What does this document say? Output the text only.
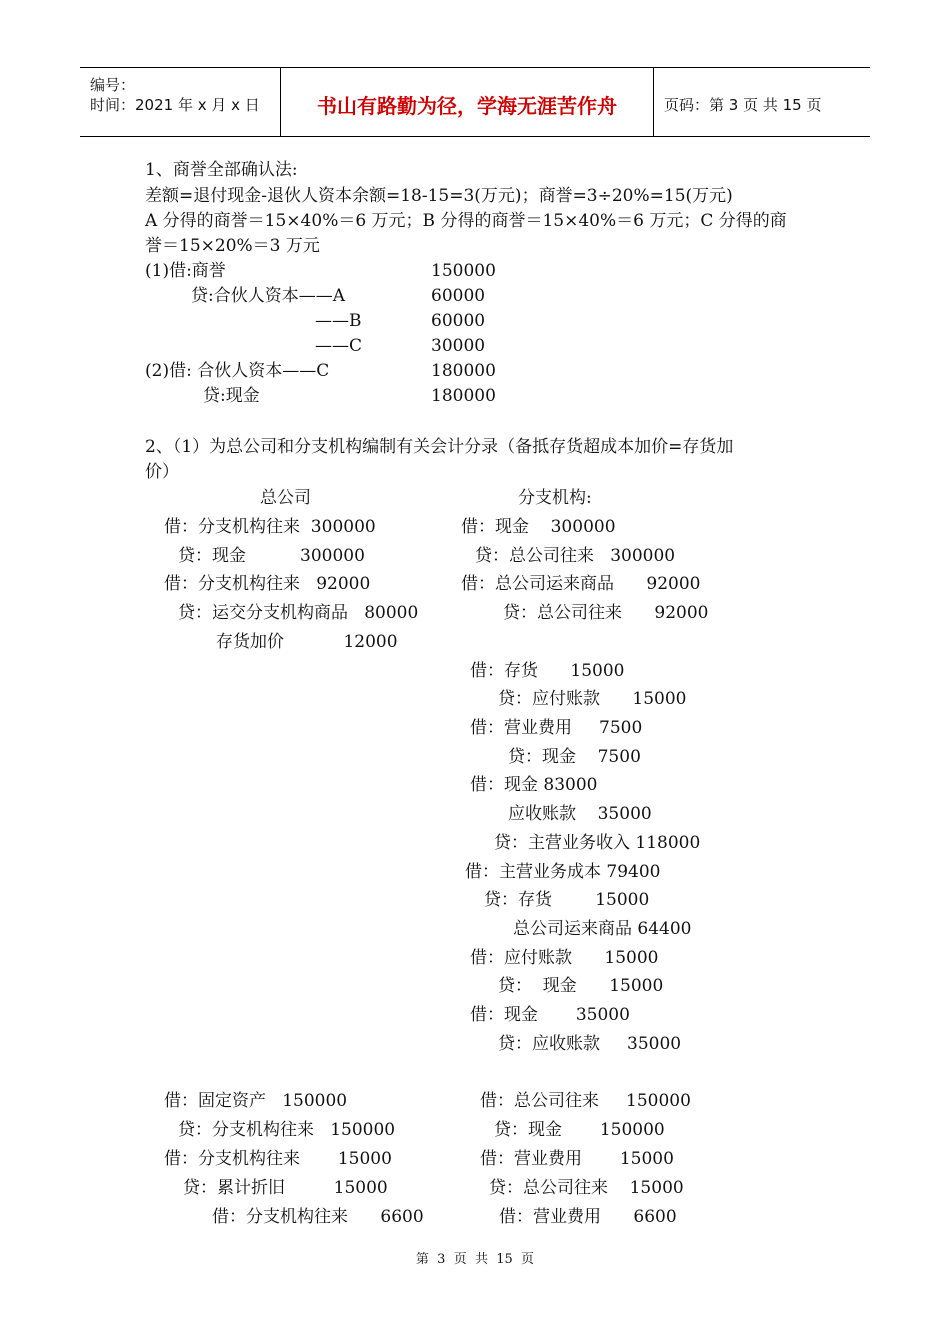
编号：
时间：2021 年 x 月 x 日	书山有路勤为径，学海无涯苦作舟	页码：第 3 页 共 15 页
1、商誉全部确认法:
差额=退付现金-退伙人资本余额=18-15=3(万元)；商誉=3÷20%=15(万元)
A 分得的商誉＝15×40%＝6 万元；B 分得的商誉＝15×40%＝6 万元；C 分得的商
誉＝15×20%＝3 万元
(1)借:商誉	150000
贷:合伙人资本——A	60000
——B	60000
——C	30000
(2)借: 合伙人资本——C	180000
贷:现金	180000
2、（1）为总公司和分支机构编制有关会计分录（备抵存货超成本加价=存货加
价）
总公司	分支机构:
借：分支机构往来  300000	借：现金    300000
贷：现金          300000	贷：总公司往来   300000
借：分支机构往来   92000	借：总公司运来商品      92000
贷：运交分支机构商品   80000	贷：总公司往来      92000
存货加价           12000
借：存货      15000
贷：应付账款      15000
借：营业费用     7500
贷：现金    7500
借：现金 83000
应收账款    35000
贷：主营业务收入 118000
借：主营业务成本 79400
贷：存货        15000
总公司运来商品 64400
借：应付账款      15000
贷：  现金      15000
借：现金       35000
贷：应收账款     35000
借：固定资产   150000	借：总公司往来     150000
贷：分支机构往来   150000	贷：现金       150000
借：分支机构往来       15000	借：营业费用       15000
贷：累计折旧         15000	贷：总公司往来    15000
借：分支机构往来      6600	借：营业费用      6600
第  3  页  共  15  页
